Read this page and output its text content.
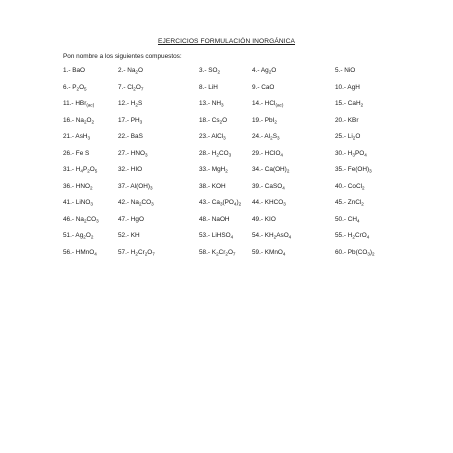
EJERCICIOS FORMULACIÓN INORGÁNICA
Pon nombre a los siguientes compuestos:
1.- BaO	2.- $Na_2O$	3.- $SO_2$	4.- $Ag_2O$	5.- NiO
6.- $P_2O_5$	7.- $Cl_2O_7$	8.- LiH	9.- CaO	10.- AgH
11.- HBr$_{(ac)}$	12.- $H_2S$	13.- $NH_3$	14.- HCl$_{(ac)}$	15.- CaH$_2$
16.- $Na_2O_2$	17.- $PH_3$	18.- $Cs_2O$	19.- PbI$_2$	20.- KBr
21.- AsH$_3$	22.- BaS	23.- AlCl$_3$	24.- $Al_2S_3$	25.- $Li_2O$
26.- Fe S	27.- $HNO_3$	28.- $H_2CO_3$	29.- HClO$_4$	30.- $H_3PO_4$
31.- $H_4P_2O_5$	32.- HIO	33.- MgH$_2$	34.- $Ca(OH)_2$	35.- $Fe(OH)_3$
36.- $HNO_2$	37.- $Al(OH)_3$	38.- KOH	39.- CaSO$_4$	40.- CoCl$_2$
41.- LiNO$_3$	42.- $Na_2CO_3$	43.- $Ca_3(PO_4)_2$ 44.- $KHCO_3$	45.- ZnCl$_2$
46.- $Na_2CO_3$	47.- HgO	48.- NaOH	49.- KIO	50.- $CH_4$
51.- $Ag_2O_2$	52.- KH	53.- LiHSO$_4$	54.- $KH_2AsO_4$	55.- $H_2CrO_4$
56.- HMnO$_4$	57.- $H_2Cr_2O_7$	58.- $K_2Cr_2O_7$	59.- KMnO$_4$	60.- $Pb(CO_3)_2$
